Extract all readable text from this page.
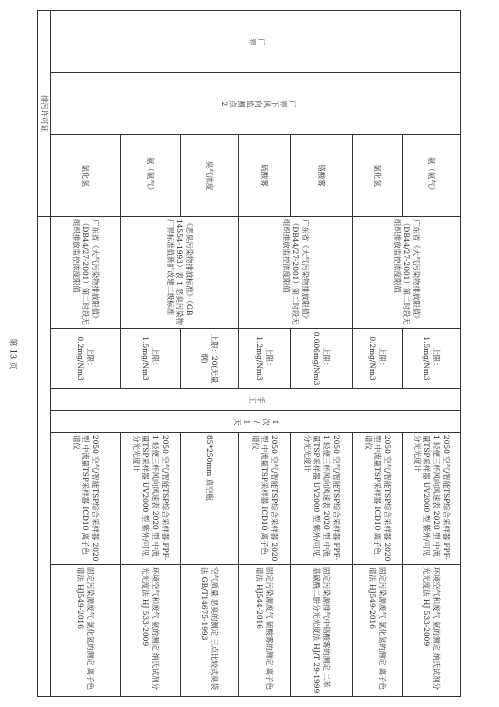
第 13 页
厂界	厂界下风向监测点2	氨（氨气）	广东省《大气污染物排放限值》（DB44/27-2001）第二时段无组织排放监控浓度限值	上限：1.5mg/Nm3	手工	1次/1天	2050 空气/智能TSP综合采样器 FPF-1 轻便三杯风向风速表 2020 型 中流量TSP采样器 UV2000 型 紫外/可见分光光度计	环境空气和废气 氨的测定 纳氏试剂分光光度法 HJ 533-2009
		氯化氢		上限：0.2mg/Nm3			2050 空气/智能TSP综合采样器 2020 型 中流量TSP采样器 ICD10 离子色谱仪	固定污染源废气 氯化氢的测定 离子色谱法 HJ549-2016
		铬酸雾	广东省《大气污染物排放限值》（DB44/27-2001）第二时段无组织排放监控浓度限值	上限：0.006mg/Nm3			2050 空气/智能TSP综合采样器 FPF-1 轻便三杯风向风速表 2020 型 中流量TSP采样器 UV2000 型 紫外/可见分光光度计	固定污染源排气中铬酸雾的测定 二苯基碳酰二肼分光光度法 HJ/T 29-1999
		硫酸雾		上限：1.2mg/Nm3			2050 空气/智能TSP综合采样器 2020 型 中流量TSP采样器 ICD10 离子色谱仪	固定污染源废气 硫酸雾的测定 离子色谱法 HJ544-2016
		臭气浓度	《恶臭污染物排放标准》（GB 14554-1993）表 1 恶臭污染物厂界标准值新扩改建二级标准	上限：20(无量纲)			85*250mm 真空瓶	空气质量 恶臭的测定 三点比较式臭袋法 GB/T14675-1993
		氨（氨气）		上限：1.5mg/Nm3			2050 空气/智能TSP综合采样器 FPF-1 轻便三杯风向风速表 2020 型 中流量TSP采样器 UV2000 型 紫外/可见分光光度计	环境空气和废气 氨的测定 纳氏试剂分光光度法 HJ 533-2009
		氯化氢	广东省《大气污染物排放限值》（DB44/27-2001）第二时段无组织排放监控浓度限值	上限：0.2mg/Nm3			2050 空气/智能TSP综合采样器 2020 型 中流量TSP采样器 ICD10 离子色谱仪	固定污染源废气 氯化氢的测定 离子色谱法 HJ549-2016
排污许可证								
